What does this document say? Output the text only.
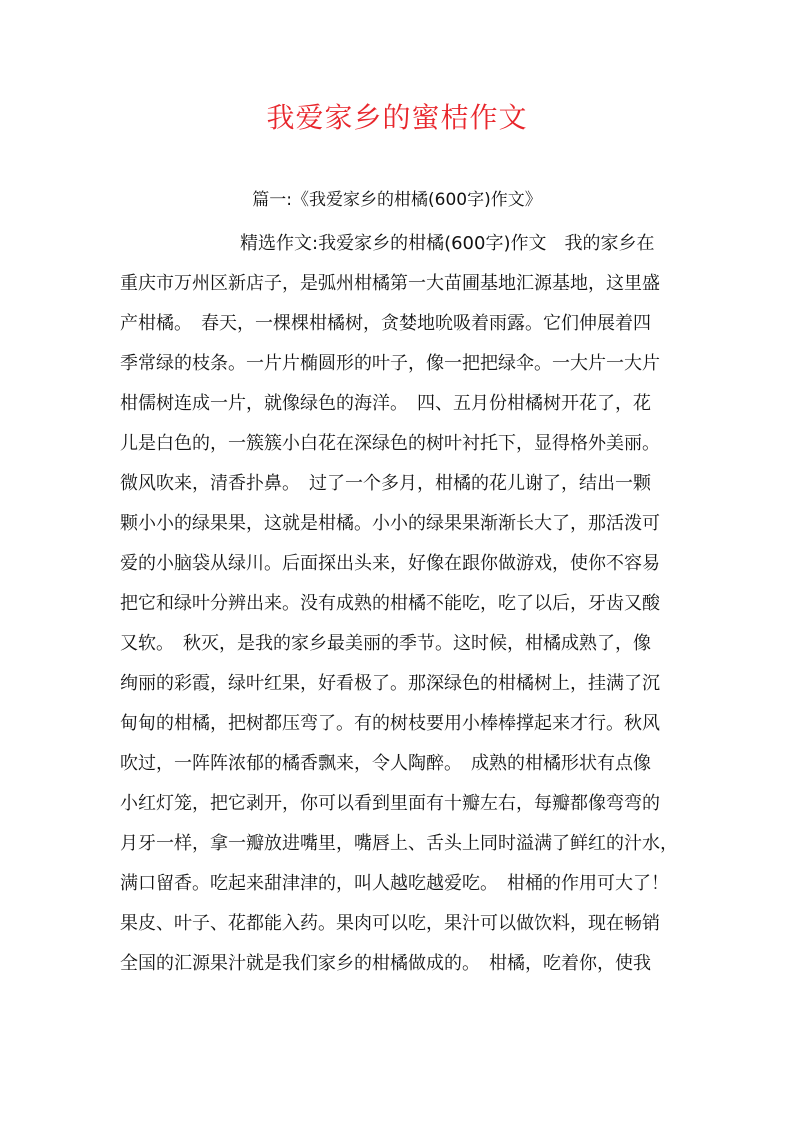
我爱家乡的蜜桔作文
篇一:《我爱家乡的柑橘(600字)作文》
精选作文:我爱家乡的柑橘(600字)作文　我的家乡在
重庆市万州区新店子，是弧州柑橘第一大苗圃基地汇源基地，这里盛
产柑橘。　春天，一棵棵柑橘树，贪婪地吮吸着雨露。它们伸展着四
季常绿的枝条。一片片椭圆形的叶子，像一把把绿伞。一大片一大片
柑儒树连成一片，就像绿色的海洋。　四、五月份柑橘树开花了，花
儿是白色的，一簇簇小白花在深绿色的树叶衬托下，显得格外美丽。
微风吹来，清香扑鼻。　过了一个多月，柑橘的花儿谢了，结出一颗
颗小小的绿果果，这就是柑橘。小小的绿果果渐渐长大了，那活泼可
爱的小脑袋从绿川。后面探出头来，好像在跟你做游戏，使你不容易
把它和绿叶分辨出来。没有成熟的柑橘不能吃，吃了以后，牙齿又酸
又软。　秋灭，是我的家乡最美丽的季节。这时候，柑橘成熟了，像
绚丽的彩霞，绿叶红果，好看极了。那深绿色的柑橘树上，挂满了沉
甸甸的柑橘，把树都压弯了。有的树枝要用小棒棒撑起来才行。秋风
吹过，一阵阵浓郁的橘香飘来，令人陶醉。　成熟的柑橘形状有点像
小红灯笼，把它剥开，你可以看到里面有十瓣左右，每瓣都像弯弯的
月牙一样，拿一瓣放进嘴里，嘴唇上、舌头上同时溢满了鲜红的汁水，
满口留香。吃起来甜津津的，叫人越吃越爱吃。　柑桶的作用可大了！
果皮、叶子、花都能入药。果肉可以吃，果汁可以做饮料，现在畅销
全国的汇源果汁就是我们家乡的柑橘做成的。　柑橘，吃着你，使我
